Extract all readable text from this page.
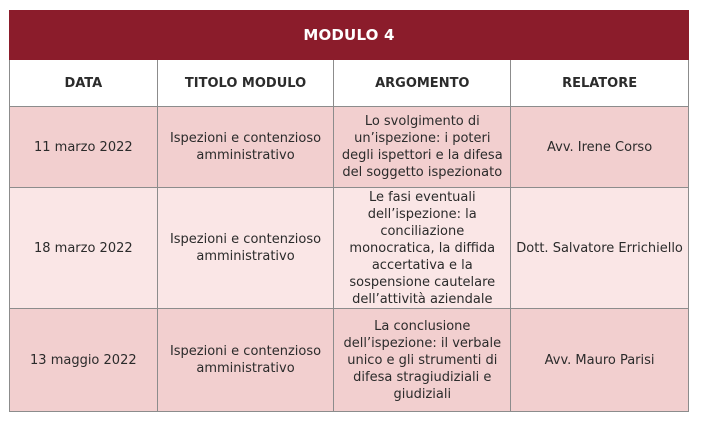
MODULO 4			
DATA	TITOLO MODULO	ARGOMENTO	RELATORE
11 marzo 2022	Ispezioni e contenzioso amministrativo	Lo svolgimento di un’ispezione: i poteri degli ispettori e la difesa del soggetto ispezionato	Avv. Irene Corso
18 marzo 2022	Ispezioni e contenzioso amministrativo	Le fasi eventuali dell’ispezione: la conciliazione monocratica, la diffida accertativa e la sospensione cautelare dell’attività aziendale	Dott. Salvatore Errichiello
13 maggio 2022	Ispezioni e contenzioso amministrativo	La conclusione dell’ispezione: il verbale unico e gli strumenti di difesa stragiudiziali e giudiziali	Avv. Mauro Parisi
